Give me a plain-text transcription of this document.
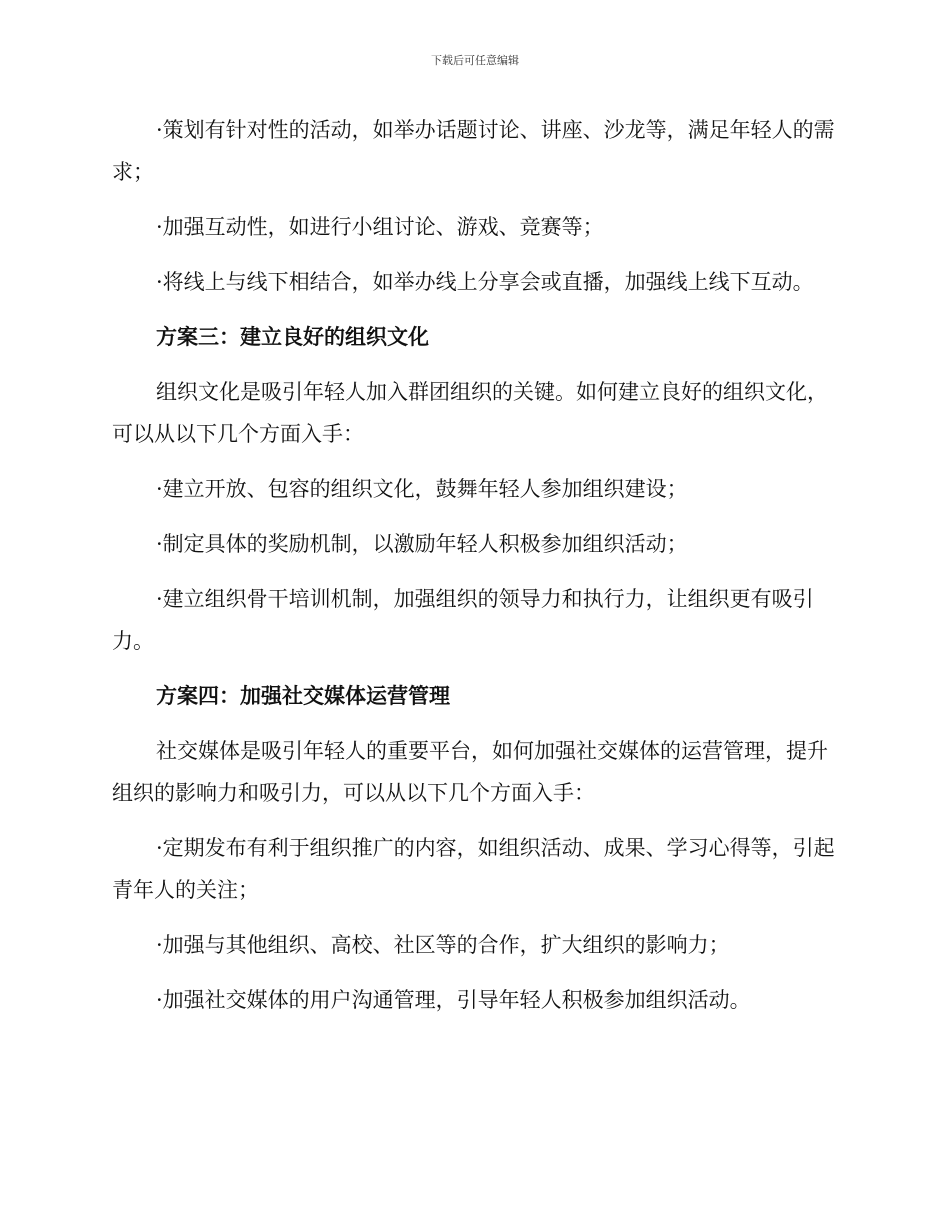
下载后可任意编辑

·策划有针对性的活动，如举办话题讨论、讲座、沙龙等，满足年轻人的需求；

·加强互动性，如进行小组讨论、游戏、竞赛等；

·将线上与线下相结合，如举办线上分享会或直播，加强线上线下互动。

方案三：建立良好的组织文化

组织文化是吸引年轻人加入群团组织的关键。如何建立良好的组织文化，可以从以下几个方面入手：

·建立开放、包容的组织文化，鼓舞年轻人参加组织建设；

·制定具体的奖励机制，以激励年轻人积极参加组织活动；

·建立组织骨干培训机制，加强组织的领导力和执行力，让组织更有吸引力。

方案四：加强社交媒体运营管理

社交媒体是吸引年轻人的重要平台，如何加强社交媒体的运营管理，提升组织的影响力和吸引力，可以从以下几个方面入手：

·定期发布有利于组织推广的内容，如组织活动、成果、学习心得等，引起青年人的关注；

·加强与其他组织、高校、社区等的合作，扩大组织的影响力；

·加强社交媒体的用户沟通管理，引导年轻人积极参加组织活动。
